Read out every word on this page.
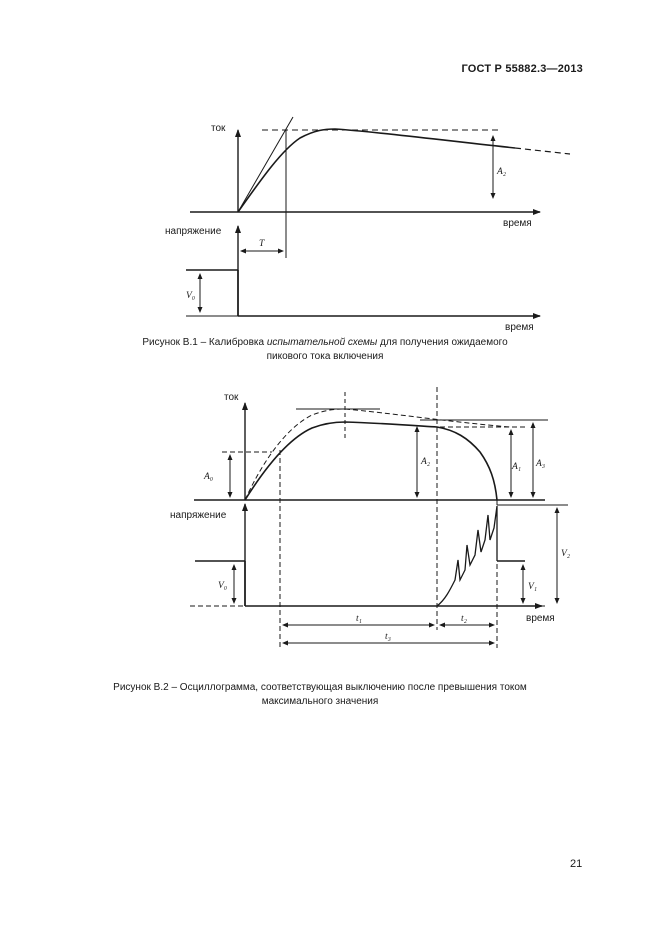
ГОСТ Р 55882.3—2013
ток
время
напряжение
время
T
A₂
V₀
ток
напряжение
время
A₀
A₂	A₁ A₃
V₀	V₁
V₂
t₁	t₂
t₃
Рисунок В.1 – Калибровка испытательной схемы для получения ожидаемого
пикового тока включения
Рисунок В.2 – Осциллограмма, соответствующая выключению после превышения током
максимального значения
21
